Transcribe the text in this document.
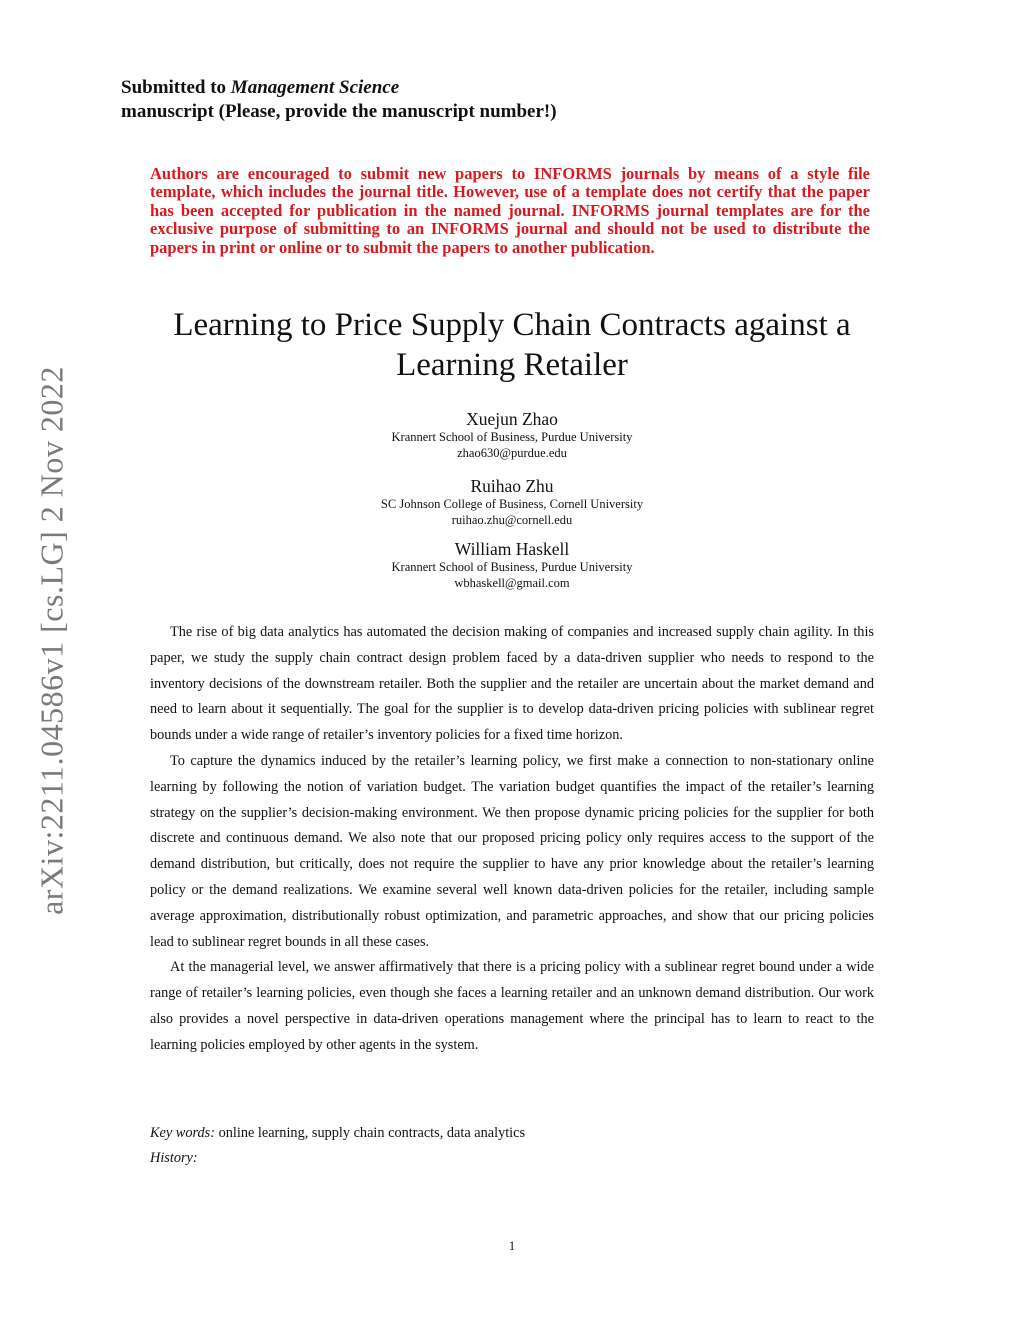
arXiv:2211.04586v1 [cs.LG] 2 Nov 2022
Submitted to Management Science
manuscript (Please, provide the manuscript number!)
Authors are encouraged to submit new papers to INFORMS journals by means of a style file template, which includes the journal title. However, use of a template does not certify that the paper has been accepted for publication in the named journal. INFORMS journal templates are for the exclusive purpose of submitting to an INFORMS journal and should not be used to distribute the papers in print or online or to submit the papers to another publication.
Learning to Price Supply Chain Contracts against a
Learning Retailer
Xuejun Zhao
Krannert School of Business, Purdue University
zhao630@purdue.edu
Ruihao Zhu
SC Johnson College of Business, Cornell University
ruihao.zhu@cornell.edu
William Haskell
Krannert School of Business, Purdue University
wbhaskell@gmail.com

The rise of big data analytics has automated the decision making of companies and increased supply chain agility. In this paper, we study the supply chain contract design problem faced by a data-driven supplier who needs to respond to the inventory decisions of the downstream retailer. Both the supplier and the retailer are uncertain about the market demand and need to learn about it sequentially. The goal for the supplier is to develop data-driven pricing policies with sublinear regret bounds under a wide range of retailer’s inventory policies for a fixed time horizon.

To capture the dynamics induced by the retailer’s learning policy, we first make a connection to non-stationary online learning by following the notion of variation budget. The variation budget quantifies the impact of the retailer’s learning strategy on the supplier’s decision-making environment. We then propose dynamic pricing policies for the supplier for both discrete and continuous demand. We also note that our proposed pricing policy only requires access to the support of the demand distribution, but critically, does not require the supplier to have any prior knowledge about the retailer’s learning policy or the demand realizations. We examine several well known data-driven policies for the retailer, including sample average approximation, distributionally robust optimization, and parametric approaches, and show that our pricing policies lead to sublinear regret bounds in all these cases.

At the managerial level, we answer affirmatively that there is a pricing policy with a sublinear regret bound under a wide range of retailer’s learning policies, even though she faces a learning retailer and an unknown demand distribution. Our work also provides a novel perspective in data-driven operations management where the principal has to learn to react to the learning policies employed by other agents in the system.

Key words: online learning, supply chain contracts, data analytics
History:
1
